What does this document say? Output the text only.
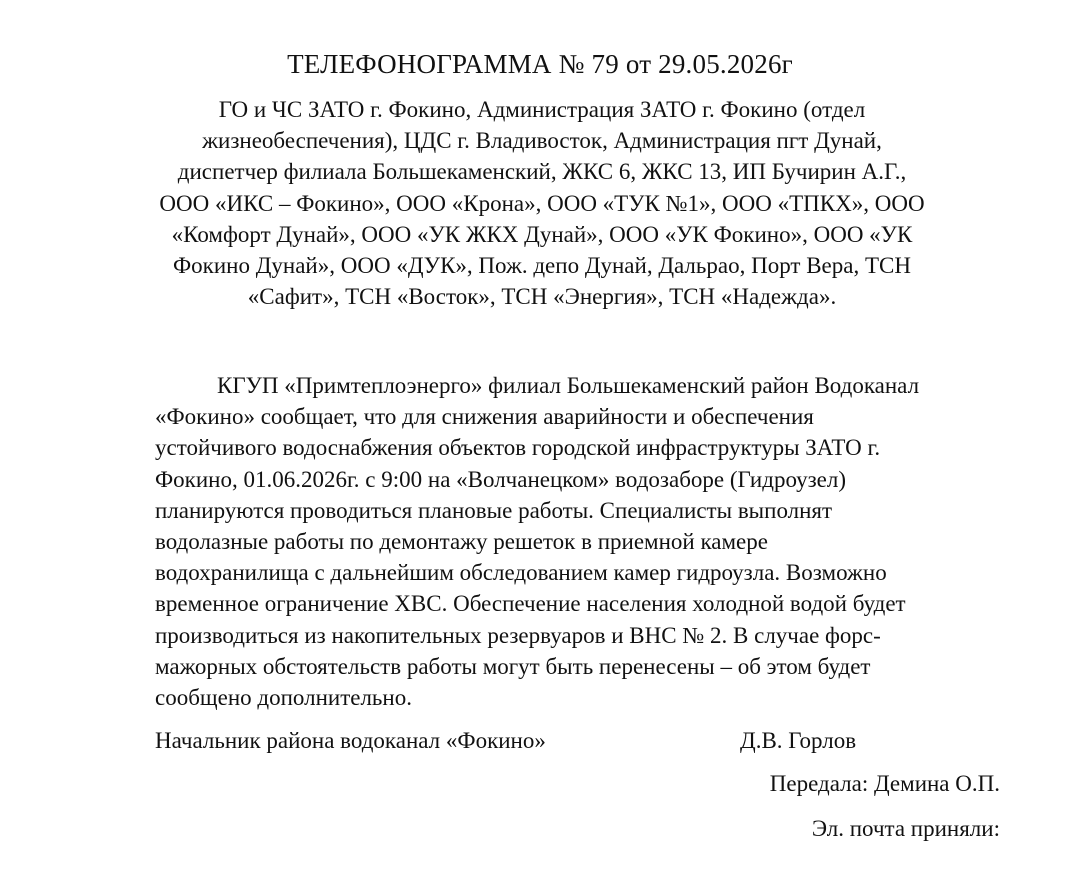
ТЕЛЕФОНОГРАММА № 79 от 29.05.2026г
ГО и ЧС ЗАТО г. Фокино, Администрация ЗАТО г. Фокино (отдел
жизнеобеспечения), ЦДС г. Владивосток, Администрация пгт Дунай,
диспетчер филиала Большекаменский, ЖКС 6, ЖКС 13, ИП Бучирин А.Г.,
ООО «ИКС – Фокино», ООО «Крона», ООО «ТУК №1», ООО «ТПКХ», ООО
«Комфорт Дунай», ООО «УК ЖКХ Дунай», ООО «УК Фокино», ООО «УК
Фокино Дунай», ООО «ДУК», Пож. депо Дунай, Дальрао, Порт Вера, ТСН
«Сафит», ТСН «Восток», ТСН «Энергия», ТСН «Надежда».
КГУП «Примтеплоэнерго» филиал Большекаменский район Водоканал
«Фокино» сообщает, что для снижения аварийности и обеспечения
устойчивого водоснабжения объектов городской инфраструктуры ЗАТО г.
Фокино, 01.06.2026г. с 9:00 на «Волчанецком» водозаборе (Гидроузел)
планируются проводиться плановые работы. Специалисты выполнят
водолазные работы по демонтажу решеток в приемной камере
водохранилища с дальнейшим обследованием камер гидроузла. Возможно
временное ограничение ХВС. Обеспечение населения холодной водой будет
производиться из накопительных резервуаров и ВНС № 2. В случае форс-
мажорных обстоятельств работы могут быть перенесены – об этом будет
сообщено дополнительно.
Начальник района водоканал «Фокино»	Д.В. Горлов
Передала: Демина О.П.
Эл. почта приняли:
